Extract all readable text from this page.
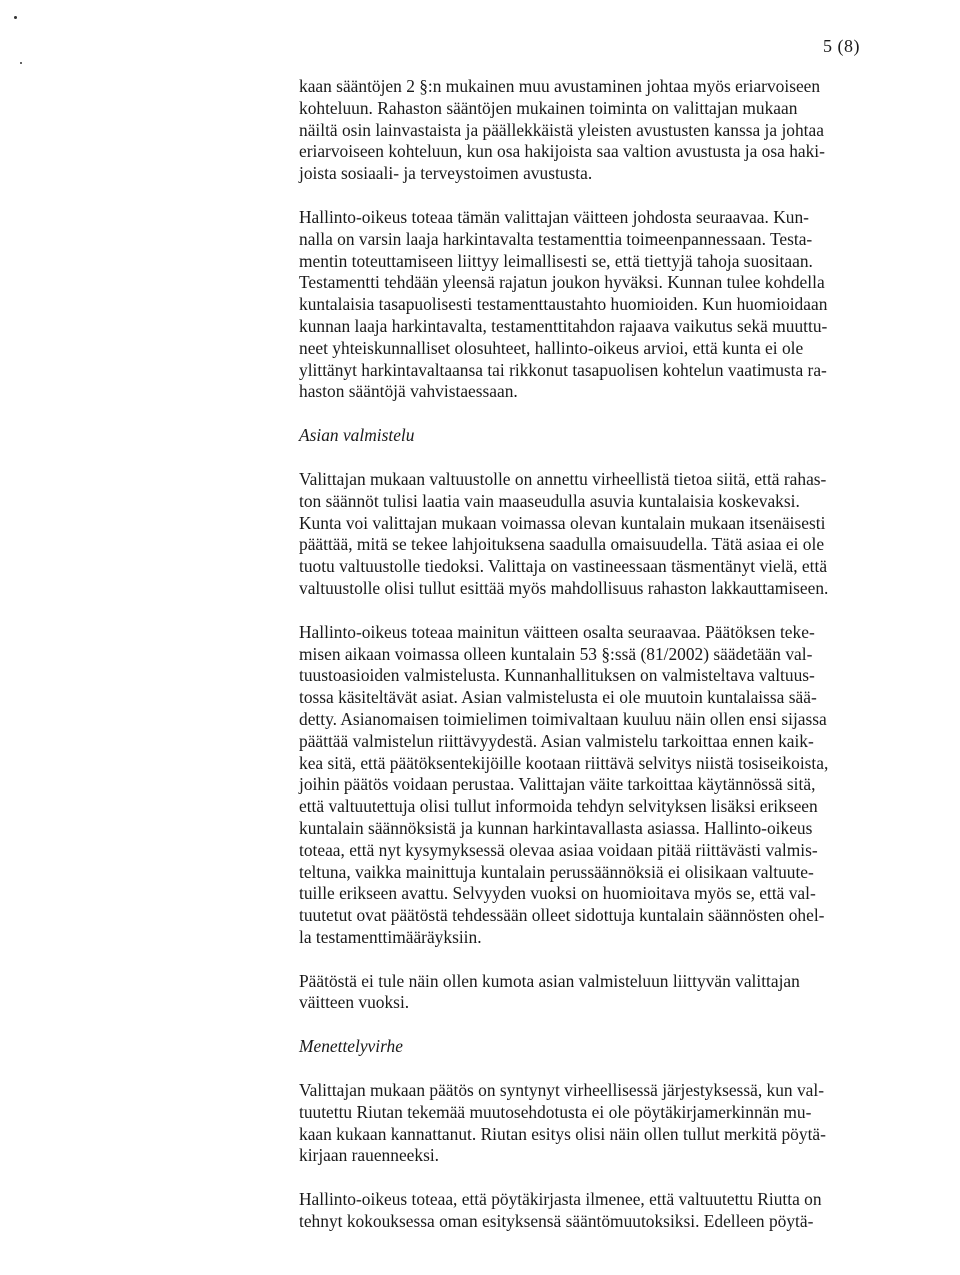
5 (8)
kaan sääntöjen 2 §:n mukainen muu avustaminen johtaa myös eriarvoiseen
kohteluun. Rahaston sääntöjen mukainen toiminta on valittajan mukaan
näiltä osin lainvastaista ja päällekkäistä yleisten avustusten kanssa ja johtaa
eriarvoiseen kohteluun, kun osa hakijoista saa valtion avustusta ja osa haki-
joista sosiaali- ja terveystoimen avustusta.
Hallinto-oikeus toteaa tämän valittajan väitteen johdosta seuraavaa. Kun-
nalla on varsin laaja harkintavalta testamenttia toimeenpannessaan. Testa-
mentin toteuttamiseen liittyy leimallisesti se, että tiettyjä tahoja suositaan.
Testamentti tehdään yleensä rajatun joukon hyväksi. Kunnan tulee kohdella
kuntalaisia tasapuolisesti testamenttaustahto huomioiden. Kun huomioidaan
kunnan laaja harkintavalta, testamenttitahdon rajaava vaikutus sekä muuttu-
neet yhteiskunnalliset olosuhteet, hallinto-oikeus arvioi, että kunta ei ole
ylittänyt harkintavaltaansa tai rikkonut tasapuolisen kohtelun vaatimusta ra-
haston sääntöjä vahvistaessaan.
Asian valmistelu
Valittajan mukaan valtuustolle on annettu virheellistä tietoa siitä, että rahas-
ton säännöt tulisi laatia vain maaseudulla asuvia kuntalaisia koskevaksi.
Kunta voi valittajan mukaan voimassa olevan kuntalain mukaan itsenäisesti
päättää, mitä se tekee lahjoituksena saadulla omaisuudella. Tätä asiaa ei ole
tuotu valtuustolle tiedoksi. Valittaja on vastineessaan täsmentänyt vielä, että
valtuustolle olisi tullut esittää myös mahdollisuus rahaston lakkauttamiseen.
Hallinto-oikeus toteaa mainitun väitteen osalta seuraavaa. Päätöksen teke-
misen aikaan voimassa olleen kuntalain 53 §:ssä (81/2002) säädetään val-
tuustoasioiden valmistelusta. Kunnanhallituksen on valmisteltava valtuus-
tossa käsiteltävät asiat. Asian valmistelusta ei ole muutoin kuntalaissa sää-
detty. Asianomaisen toimielimen toimivaltaan kuuluu näin ollen ensi sijassa
päättää valmistelun riittävyydestä. Asian valmistelu tarkoittaa ennen kaik-
kea sitä, että päätöksentekijöille kootaan riittävä selvitys niistä tosiseikoista,
joihin päätös voidaan perustaa. Valittajan väite tarkoittaa käytännössä sitä,
että valtuutettuja olisi tullut informoida tehdyn selvityksen lisäksi erikseen
kuntalain säännöksistä ja kunnan harkintavallasta asiassa. Hallinto-oikeus
toteaa, että nyt kysymyksessä olevaa asiaa voidaan pitää riittävästi valmis-
teltuna, vaikka mainittuja kuntalain perussäännöksiä ei olisikaan valtuute-
tuille erikseen avattu. Selvyyden vuoksi on huomioitava myös se, että val-
tuutetut ovat päätöstä tehdessään olleet sidottuja kuntalain säännösten ohel-
la testamenttimääräyksiin.
Päätöstä ei tule näin ollen kumota asian valmisteluun liittyvän valittajan
väitteen vuoksi.
Menettelyvirhe
Valittajan mukaan päätös on syntynyt virheellisessä järjestyksessä, kun val-
tuutettu Riutan tekemää muutosehdotusta ei ole pöytäkirjamerkinnän mu-
kaan kukaan kannattanut. Riutan esitys olisi näin ollen tullut merkitä pöytä-
kirjaan rauenneeksi.
Hallinto-oikeus toteaa, että pöytäkirjasta ilmenee, että valtuutettu Riutta on
tehnyt kokouksessa oman esityksensä sääntömuutoksiksi. Edelleen pöytä-
